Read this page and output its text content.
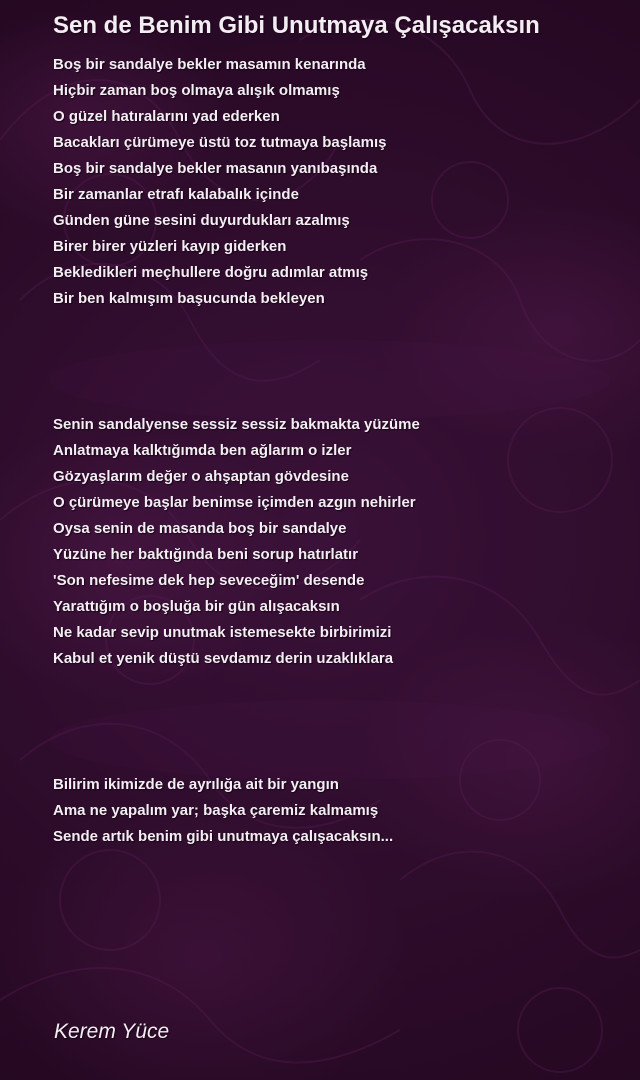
Sen de Benim Gibi Unutmaya Çalışacaksın
Boş bir sandalye bekler masamın kenarında
Hiçbir zaman boş olmaya alışık olmamış
O güzel hatıralarını yad ederken
Bacakları çürümeye üstü toz tutmaya başlamış
Boş bir sandalye bekler masanın yanıbaşında
Bir zamanlar etrafı kalabalık içinde
Günden güne sesini duyurdukları azalmış
Birer birer yüzleri kayıp giderken
Bekledikleri meçhullere doğru adımlar atmış
Bir ben kalmışım başucunda bekleyen
Senin sandalyense sessiz sessiz bakmakta yüzüme
Anlatmaya kalktığımda ben ağlarım o izler
Gözyaşlarım değer o ahşaptan gövdesine
O çürümeye başlar benimse içimden azgın nehirler
Oysa senin de masanda boş bir sandalye
Yüzüne her baktığında beni sorup hatırlatır
'Son nefesime dek hep seveceğim' desende
Yarattığım o boşluğa bir gün alışacaksın
Ne kadar sevip unutmak istemesekte birbirimizi
Kabul et yenik düştü sevdamız derin uzaklıklara
Bilirim ikimizde de ayrılığa ait bir yangın
Ama ne yapalım yar; başka çaremiz kalmamış
Sende artık benim gibi unutmaya çalışacaksın...

Kerem Yüce
